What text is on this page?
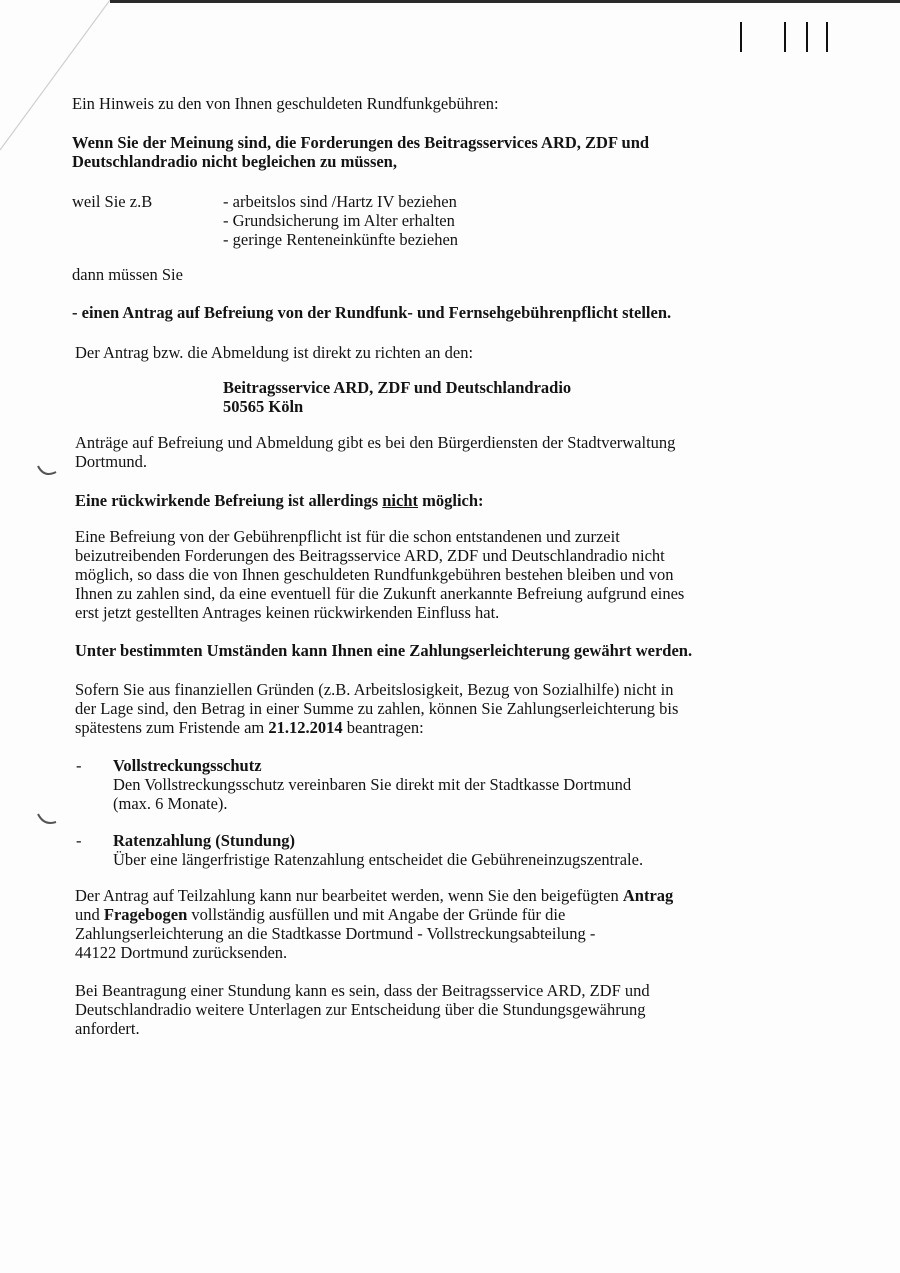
Ein Hinweis zu den von Ihnen geschuldeten Rundfunkgebühren:

Wenn Sie der Meinung sind, die Forderungen des Beitragsservices ARD, ZDF und
Deutschlandradio nicht begleichen zu müssen,

weil Sie z.B	- arbeitslos sind /Hartz IV beziehen
- Grundsicherung im Alter erhalten
- geringe Renteneinkünfte beziehen

dann müssen Sie

- einen Antrag auf Befreiung von der Rundfunk- und Fernsehgebührenpflicht stellen.

Der Antrag bzw. die Abmeldung ist direkt zu richten an den:

Beitragsservice ARD, ZDF und Deutschlandradio
50565 Köln

Anträge auf Befreiung und Abmeldung gibt es bei den Bürgerdiensten der Stadtverwaltung
Dortmund.

Eine rückwirkende Befreiung ist allerdings nicht möglich:

Eine Befreiung von der Gebührenpflicht ist für die schon entstandenen und zurzeit
beizutreibenden Forderungen des Beitragsservice ARD, ZDF und Deutschlandradio nicht
möglich, so dass die von Ihnen geschuldeten Rundfunkgebühren bestehen bleiben und von
Ihnen zu zahlen sind, da eine eventuell für die Zukunft anerkannte Befreiung aufgrund eines
erst jetzt gestellten Antrages keinen rückwirkenden Einfluss hat.

Unter bestimmten Umständen kann Ihnen eine Zahlungserleichterung gewährt werden.

Sofern Sie aus finanziellen Gründen (z.B. Arbeitslosigkeit, Bezug von Sozialhilfe) nicht in
der Lage sind, den Betrag in einer Summe zu zahlen, können Sie Zahlungserleichterung bis
spätestens zum Fristende am 21.12.2014 beantragen:

- Vollstreckungsschutz
Den Vollstreckungsschutz vereinbaren Sie direkt mit der Stadtkasse Dortmund
(max. 6 Monate).

- Ratenzahlung (Stundung)
Über eine längerfristige Ratenzahlung entscheidet die Gebühreneinzugszentrale.

Der Antrag auf Teilzahlung kann nur bearbeitet werden, wenn Sie den beigefügten Antrag
und Fragebogen vollständig ausfüllen und mit Angabe der Gründe für die
Zahlungserleichterung an die Stadtkasse Dortmund - Vollstreckungsabteilung -
44122 Dortmund zurücksenden.

Bei Beantragung einer Stundung kann es sein, dass der Beitragsservice ARD, ZDF und
Deutschlandradio weitere Unterlagen zur Entscheidung über die Stundungsgewährung
anfordert.
